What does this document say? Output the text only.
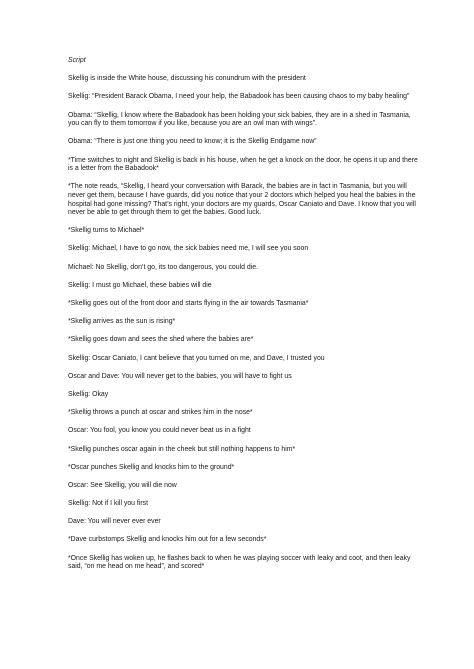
Script

Skellig is inside the White house, discussing his conundrum with the president

Skellig: “President Barack Obama, I need your help, the Babadook has been causing chaos to my baby healing”

Obama: “Skellig, I know where the Babadook has been holding your sick babies, they are in a shed in Tasmania, you can fly to them tomorrow if you like, because you are an owl man with wings”.

Obama: “There is just one thing you need to know; it is the Skellig Endgame now”

*Time switches to night and Skellig is back in his house, when he get a knock on the door, he opens it up and there is a letter from the Babadook*

*The note reads, “Skellig, I heard your conversation with Barack, the babies are in fact in Tasmania, but you will never get them, because I have guards, did you notice that your 2 doctors which helped you heal the babies in the hospital had gone missing? That’s right, your doctors are my guards, Oscar Caniato and Dave. I know that you will never be able to get through them to get the babies. Good luck.

*Skellig turns to Michael*

Skellig: Michael, I have to go now, the sick babies need me, I will see you soon

Michael: No Skellig, don’t go, its too dangerous, you could die.

Skellig: I must go Michael, these babies will die

*Skellig goes out of the front door and starts flying in the air towards Tasmania*

*Skellig arrives as the sun is rising*

*Skellig goes down and sees the shed where the babies are*

Skellig: Oscar Caniato, I cant believe that you turned on me, and Dave, I trusted you

Oscar and Dave: You will never get to the babies, you will have to fight us

Skellig: Okay

*Skellig throws a punch at oscar and strikes him in the nose*

Oscar: You fool, you know you could never beat us in a fight

*Skellig punches oscar again in the cheek but still nothing happens to him*

*Oscar punches Skellig and knocks him to the ground*

Oscar: See Skellig, you will die now

Skellig: Not if I kill you first

Dave: You will never ever ever

*Dave curbstomps Skellig and knocks him out for a few seconds*

*Once Skellig has woken up, he flashes back to when he was playing soccer with leaky and coot, and then leaky said, “on me head on me head”, and scored*
